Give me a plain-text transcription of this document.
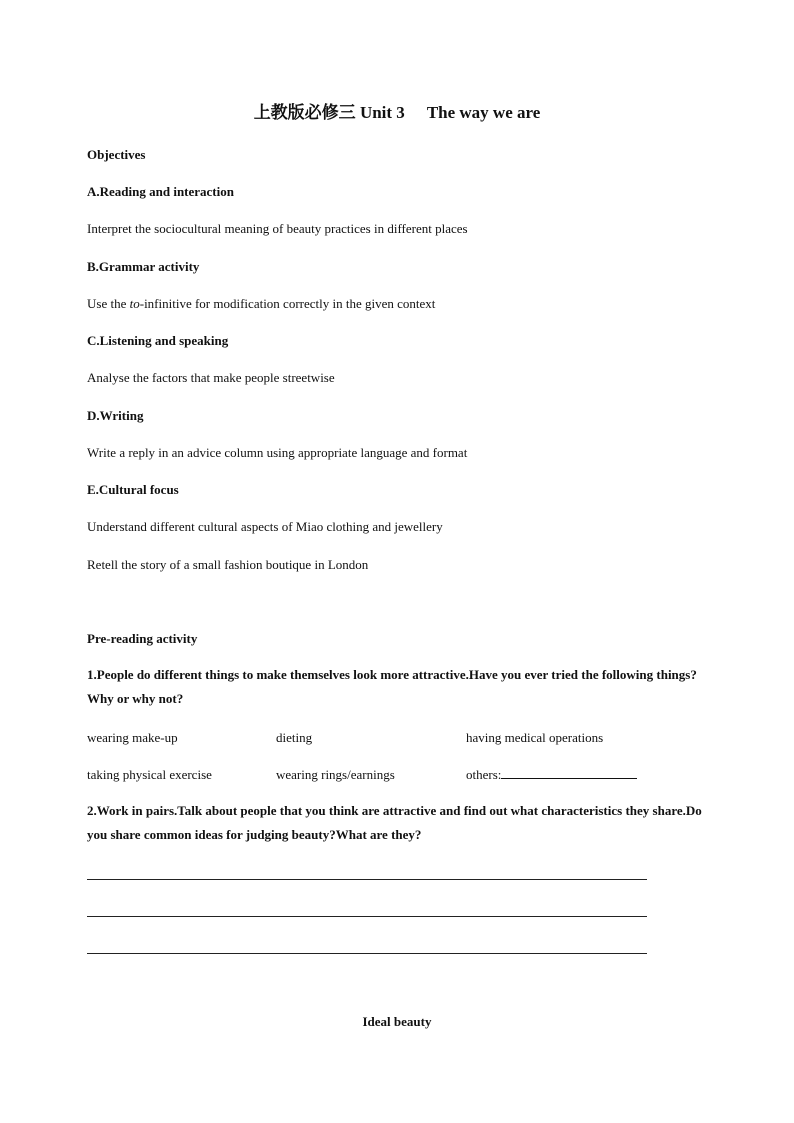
上教版必修三 Unit 3 The way we are
Objectives
A.Reading and interaction
Interpret the sociocultural meaning of beauty practices in different places
B.Grammar activity
Use the to-infinitive for modification correctly in the given context
C.Listening and speaking
Analyse the factors that make people streetwise
D.Writing
Write a reply in an advice column using appropriate language and format
E.Cultural focus
Understand different cultural aspects of Miao clothing and jewellery
Retell the story of a small fashion boutique in London
Pre-reading activity
1.People do different things to make themselves look more attractive.Have you ever tried the following things?Why or why not?
wearing make-up	dieting	having medical operations
taking physical exercise	wearing rings/earnings	others:
2.Work in pairs.Talk about people that you think are attractive and find out what characteristics they share.Do you share common ideas for judging beauty?What are they?
Ideal beauty
